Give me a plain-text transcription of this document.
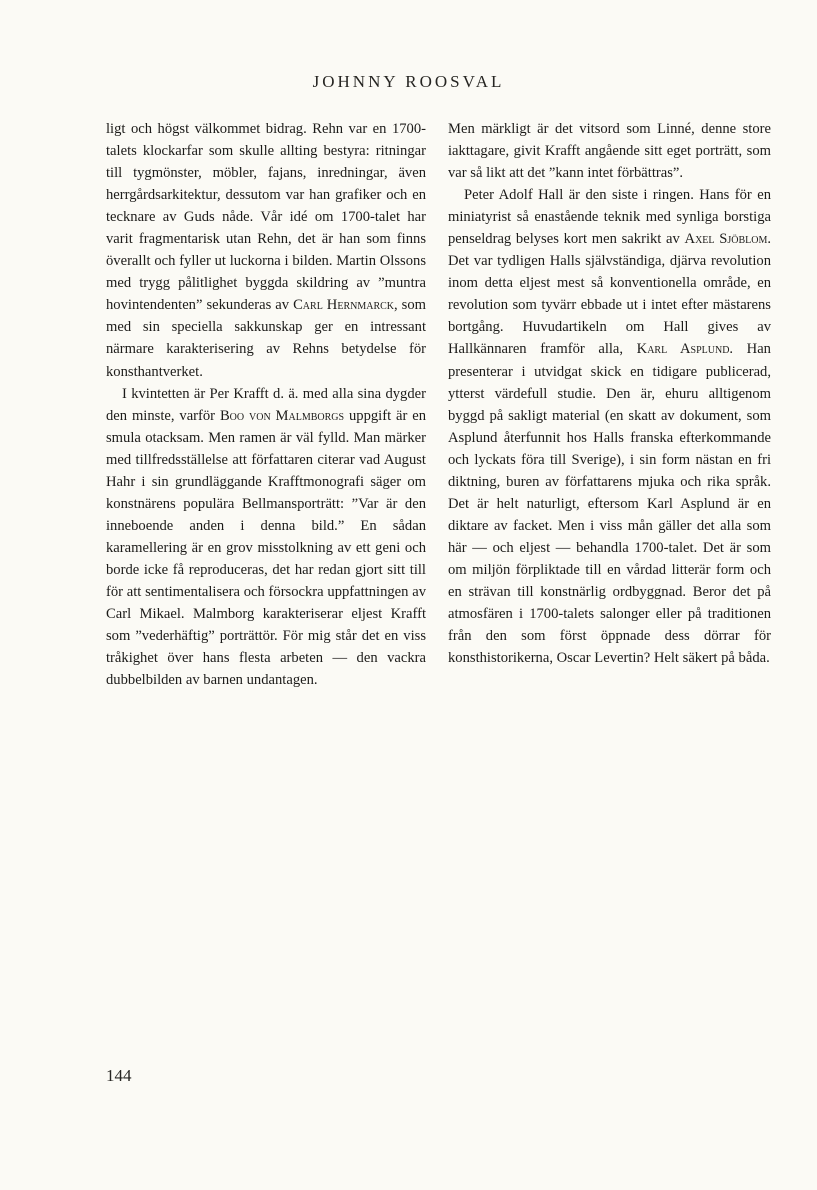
JOHNNY ROOSVAL

ligt och högst välkommet bidrag. Rehn var en 1700-talets klockarfar som skulle allting bestyra: ritningar till tygmönster, möbler, fajans, inredningar, även herrgårdsarkitektur, dessutom var han grafiker och en tecknare av Guds nåde. Vår idé om 1700-talet har varit fragmentarisk utan Rehn, det är han som finns överallt och fyller ut luckorna i bilden. Martin Olssons med trygg pålitlighet byggda skildring av ”muntra hovintendenten” sekunderas av Carl Hernmarck, som med sin speciella sakkunskap ger en intressant närmare karakterisering av Rehns betydelse för konsthantverket.

I kvintetten är Per Krafft d. ä. med alla sina dygder den minste, varför Boo von Malmborgs uppgift är en smula otacksam. Men ramen är väl fylld. Man märker med tillfredsställelse att författaren citerar vad August Hahr i sin grundläggande Krafftmonografi säger om konstnärens populära Bellmansporträtt: ”Var är den inneboende anden i denna bild.” En sådan karamellering är en grov misstolkning av ett geni och borde icke få reproduceras, det har redan gjort sitt till för att sentimentalisera och försockra uppfattningen av Carl Mikael. Malmborg karakteriserar eljest Krafft som ”vederhäftig” porträttör. För mig står det en viss tråkighet över hans flesta arbeten — den vackra dubbelbilden av barnen undantagen.

Men märkligt är det vitsord som Linné, denne store iakttagare, givit Krafft angående sitt eget porträtt, som var så likt att det ”kann intet förbättras”.

Peter Adolf Hall är den siste i ringen. Hans för en miniatyrist så enastående teknik med synliga borstiga penseldrag belyses kort men sakrikt av Axel Sjöblom. Det var tydligen Halls självständiga, djärva revolution inom detta eljest mest så konventionella område, en revolution som tyvärr ebbade ut i intet efter mästarens bortgång. Huvudartikeln om Hall gives av Hallkännaren framför alla, Karl Asplund. Han presenterar i utvidgat skick en tidigare publicerad, ytterst värdefull studie. Den är, ehuru alltigenom byggd på sakligt material (en skatt av dokument, som Asplund återfunnit hos Halls franska efterkommande och lyckats föra till Sverige), i sin form nästan en fri diktning, buren av författarens mjuka och rika språk. Det är helt naturligt, eftersom Karl Asplund är en diktare av facket. Men i viss mån gäller det alla som här — och eljest — behandla 1700-talet. Det är som om miljön förpliktade till en vårdad litterär form och en strävan till konstnärlig ordbyggnad. Beror det på atmosfären i 1700-talets salonger eller på traditionen från den som först öppnade dess dörrar för konsthistorikerna, Oscar Levertin? Helt säkert på båda.

144
